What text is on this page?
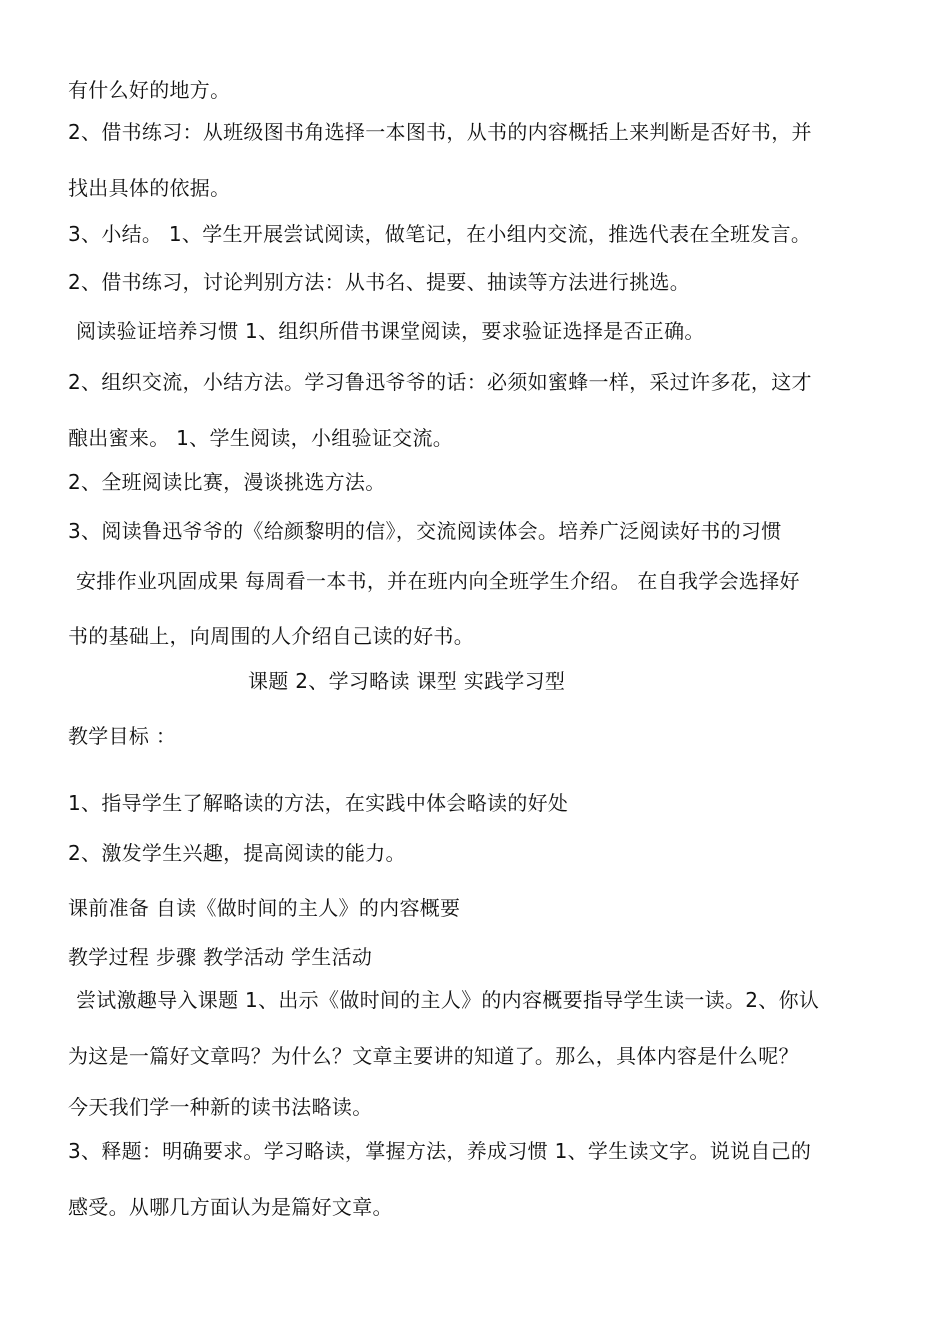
有什么好的地方。
2、借书练习：从班级图书角选择一本图书，从书的内容概括上来判断是否好书，并
找出具体的依据。
3、小结。 1、学生开展尝试阅读，做笔记，在小组内交流，推选代表在全班发言。
2、借书练习，讨论判别方法：从书名、提要、抽读等方法进行挑选。
阅读验证培养习惯 1、组织所借书课堂阅读，要求验证选择是否正确。
2、组织交流，小结方法。学习鲁迅爷爷的话：必须如蜜蜂一样，采过许多花，这才
酿出蜜来。 1、学生阅读，小组验证交流。
2、全班阅读比赛，漫谈挑选方法。
3、阅读鲁迅爷爷的《给颜黎明的信》，交流阅读体会。培养广泛阅读好书的习惯
安排作业巩固成果 每周看一本书，并在班内向全班学生介绍。 在自我学会选择好
书的基础上，向周围的人介绍自己读的好书。
课题 2、学习略读 课型 实践学习型
教学目标 ：
1、指导学生了解略读的方法，在实践中体会略读的好处
2、激发学生兴趣，提高阅读的能力。
课前准备 自读《做时间的主人》的内容概要
教学过程 步骤 教学活动 学生活动
尝试激趣导入课题 1、出示《做时间的主人》的内容概要指导学生读一读。2、你认
为这是一篇好文章吗？为什么？文章主要讲的知道了。那么，具体内容是什么呢？
今天我们学一种新的读书法略读。
3、释题：明确要求。学习略读，掌握方法，养成习惯 1、学生读文字。说说自己的
感受。从哪几方面认为是篇好文章。
